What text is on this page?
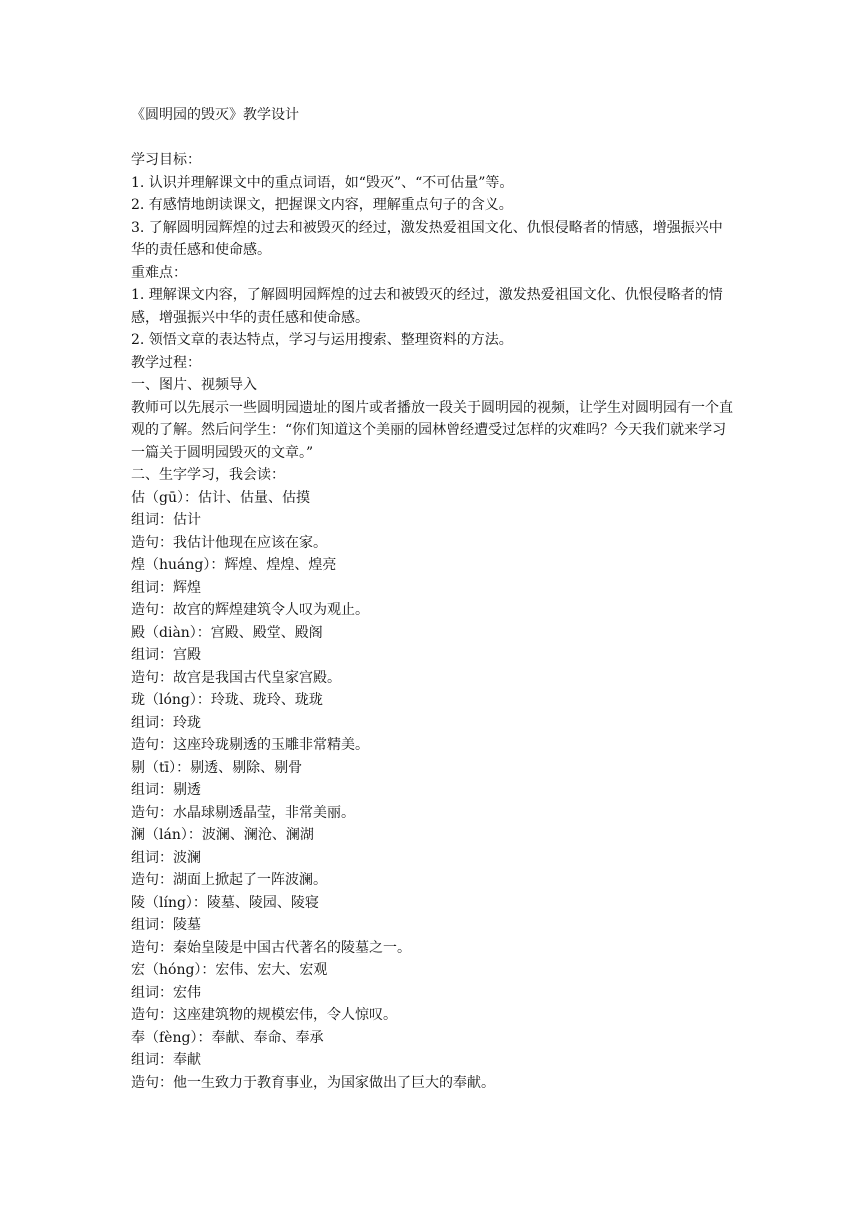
《圆明园的毁灭》教学设计

学习目标：

1. 认识并理解课文中的重点词语，如“毁灭”、“不可估量”等。

2. 有感情地朗读课文，把握课文内容，理解重点句子的含义。

3. 了解圆明园辉煌的过去和被毁灭的经过，激发热爱祖国文化、仇恨侵略者的情感，增强振兴中华的责任感和使命感。

重难点：

1. 理解课文内容，了解圆明园辉煌的过去和被毁灭的经过，激发热爱祖国文化、仇恨侵略者的情感，增强振兴中华的责任感和使命感。

2. 领悟文章的表达特点，学习与运用搜索、整理资料的方法。

教学过程：

一、图片、视频导入

教师可以先展示一些圆明园遗址的图片或者播放一段关于圆明园的视频，让学生对圆明园有一个直观的了解。然后问学生：“你们知道这个美丽的园林曾经遭受过怎样的灾难吗？今天我们就来学习一篇关于圆明园毁灭的文章。”

二、生字学习，我会读：

估（gū）：估计、估量、估摸

组词：估计

造句：我估计他现在应该在家。

煌（huáng）：辉煌、煌煌、煌亮

组词：辉煌

造句：故宫的辉煌建筑令人叹为观止。

殿（diàn）：宫殿、殿堂、殿阁

组词：宫殿

造句：故宫是我国古代皇家宫殿。

珑（lóng）：玲珑、珑玲、珑珑

组词：玲珑

造句：这座玲珑剔透的玉雕非常精美。

剔（tī）：剔透、剔除、剔骨

组词：剔透

造句：水晶球剔透晶莹，非常美丽。

澜（lán）：波澜、澜沧、澜湖

组词：波澜

造句：湖面上掀起了一阵波澜。

陵（líng）：陵墓、陵园、陵寝

组词：陵墓

造句：秦始皇陵是中国古代著名的陵墓之一。

宏（hóng）：宏伟、宏大、宏观

组词：宏伟

造句：这座建筑物的规模宏伟，令人惊叹。

奉（fèng）：奉献、奉命、奉承

组词：奉献

造句：他一生致力于教育事业，为国家做出了巨大的奉献。
